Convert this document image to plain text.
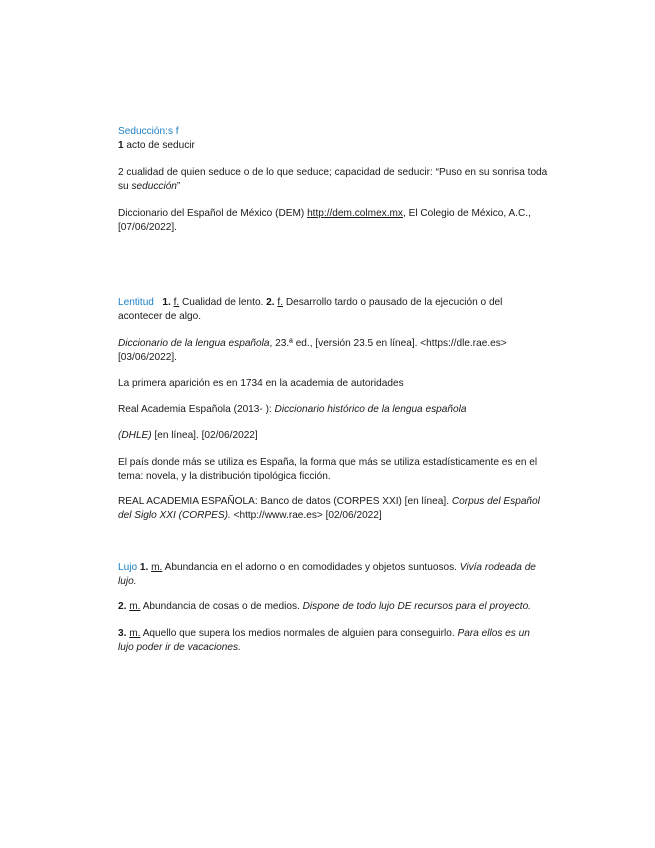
Seducción:s f
1 acto de seducir

2 cualidad de quien seduce o de lo que seduce; capacidad de seducir: “Puso en su sonrisa toda su seducción”

Diccionario del Español de México (DEM) http://dem.colmex.mx, El Colegio de México, A.C., [07/06/2022].

Lentitud 1. f. Cualidad de lento. 2. f. Desarrollo tardo o pausado de la ejecución o del acontecer de algo.

Diccionario de la lengua española, 23.ª ed., [versión 23.5 en línea]. <https://dle.rae.es> [03/06/2022].

La primera aparición es en 1734 en la academia de autoridades

Real Academia Española (2013- ): Diccionario histórico de la lengua española

(DHLE) [en línea]. [02/06/2022]

El país donde más se utiliza es España, la forma que más se utiliza estadísticamente es en el tema: novela, y la distribución tipológica ficción.

REAL ACADEMIA ESPAÑOLA: Banco de datos (CORPES XXI) [en línea]. Corpus del Español del Siglo XXI (CORPES). <http://www.rae.es> [02/06/2022]

Lujo 1. m. Abundancia en el adorno o en comodidades y objetos suntuosos. Vivía rodeada de lujo.

2. m. Abundancia de cosas o de medios. Dispone de todo lujo DE recursos para el proyecto.

3. m. Aquello que supera los medios normales de alguien para conseguirlo. Para ellos es un lujo poder ir de vacaciones.
